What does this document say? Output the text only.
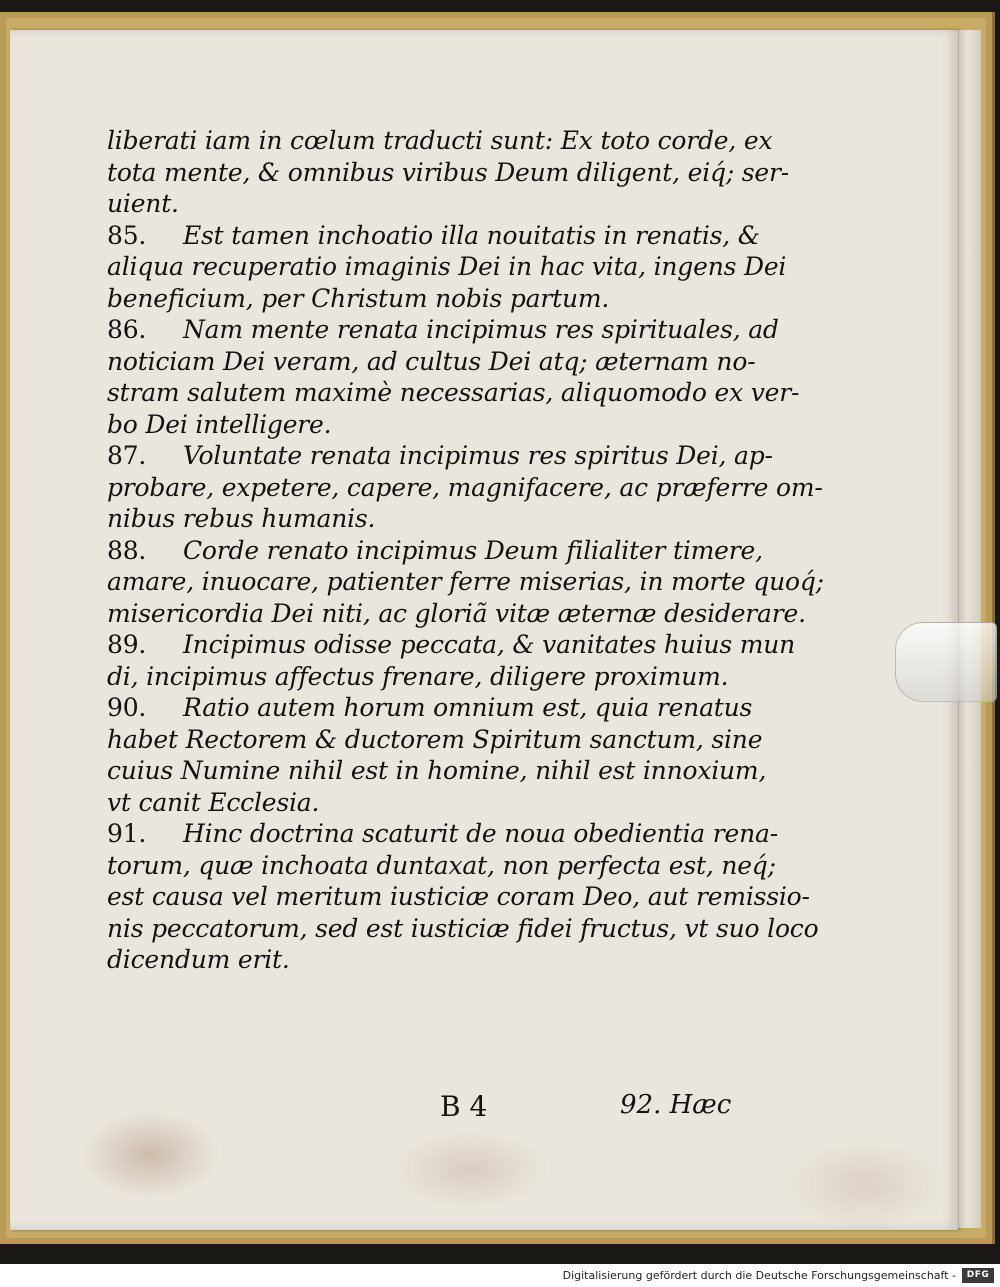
liberati iam in cœlum traducti sunt: Ex toto corde, ex
tota mente, & omnibus viribus Deum diligent, eiq́; ser-
uient.
85. Est tamen inchoatio illa nouitatis in renatis, &
aliqua recuperatio imaginis Dei in hac vita, ingens Dei
beneficium, per Christum nobis partum.
86. Nam mente renata incipimus res spirituales, ad
noticiam Dei veram, ad cultus Dei atq; æternam no-
stram salutem maximè necessarias, aliquomodo ex ver-
bo Dei intelligere.
87. Voluntate renata incipimus res spiritus Dei, ap-
probare, expetere, capere, magnifacere, ac præferre om-
nibus rebus humanis.
88. Corde renato incipimus Deum filialiter timere,
amare, inuocare, patienter ferre miserias, in morte quoq́;
misericordia Dei niti, ac gloriã vitæ æternæ desiderare.
89. Incipimus odisse peccata, & vanitates huius mun
di, incipimus affectus frenare, diligere proximum.
90. Ratio autem horum omnium est, quia renatus
habet Rectorem & ductorem Spiritum sanctum, sine
cuius Numine nihil est in homine, nihil est innoxium,
vt canit Ecclesia.
91. Hinc doctrina scaturit de noua obedientia rena-
torum, quæ inchoata duntaxat, non perfecta est, neq́;
est causa vel meritum iusticiæ coram Deo, aut remissio-
nis peccatorum, sed est iusticiæ fidei fructus, vt suo loco
dicendum erit.
B 4	92. Hæc
Digitalisierung gefördert durch die Deutsche Forschungsgemeinschaft -	DFG
